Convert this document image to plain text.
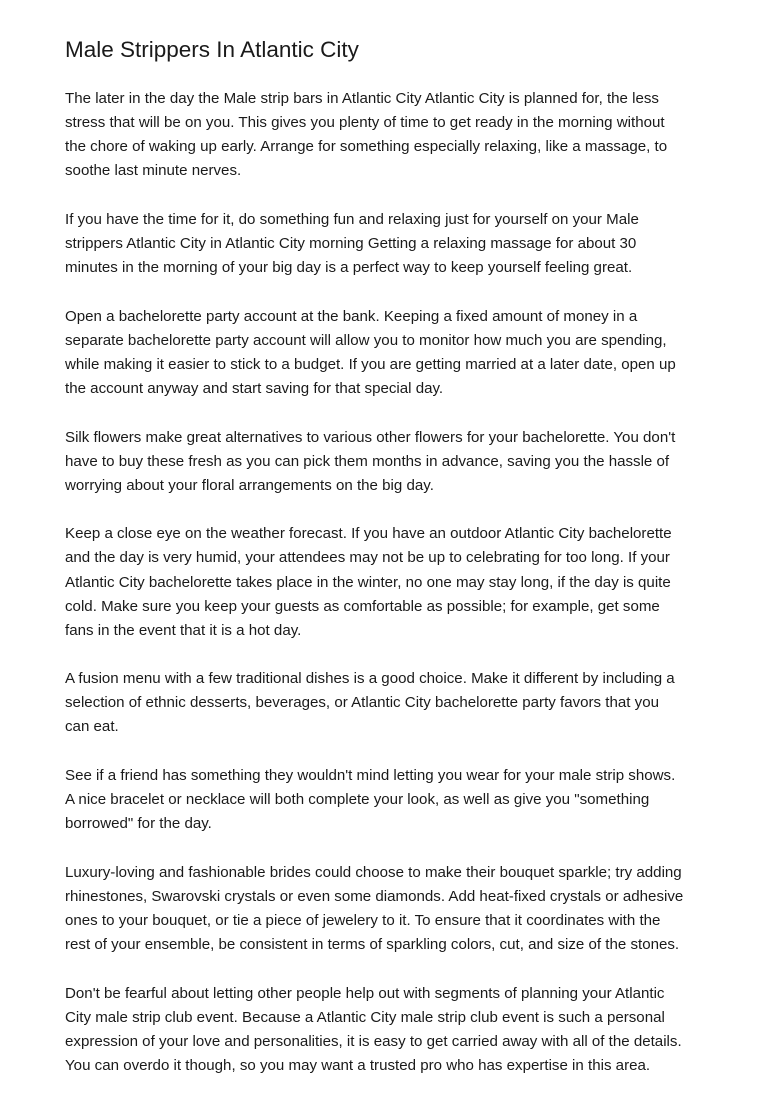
Male Strippers In Atlantic City

The later in the day the Male strip bars in Atlantic City Atlantic City is planned for, the less
stress that will be on you. This gives you plenty of time to get ready in the morning without
the chore of waking up early. Arrange for something especially relaxing, like a massage, to
soothe last minute nerves.

If you have the time for it, do something fun and relaxing just for yourself on your Male
strippers Atlantic City in Atlantic City morning Getting a relaxing massage for about 30
minutes in the morning of your big day is a perfect way to keep yourself feeling great.

Open a bachelorette party account at the bank. Keeping a fixed amount of money in a
separate bachelorette party account will allow you to monitor how much you are spending,
while making it easier to stick to a budget. If you are getting married at a later date, open up
the account anyway and start saving for that special day.

Silk flowers make great alternatives to various other flowers for your bachelorette. You don't
have to buy these fresh as you can pick them months in advance, saving you the hassle of
worrying about your floral arrangements on the big day.

Keep a close eye on the weather forecast. If you have an outdoor Atlantic City bachelorette
and the day is very humid, your attendees may not be up to celebrating for too long. If your
Atlantic City bachelorette takes place in the winter, no one may stay long, if the day is quite
cold. Make sure you keep your guests as comfortable as possible; for example, get some
fans in the event that it is a hot day.

A fusion menu with a few traditional dishes is a good choice. Make it different by including a
selection of ethnic desserts, beverages, or Atlantic City bachelorette party favors that you
can eat.

See if a friend has something they wouldn't mind letting you wear for your male strip shows.
A nice bracelet or necklace will both complete your look, as well as give you "something
borrowed" for the day.

Luxury-loving and fashionable brides could choose to make their bouquet sparkle; try adding
rhinestones, Swarovski crystals or even some diamonds. Add heat-fixed crystals or adhesive
ones to your bouquet, or tie a piece of jewelery to it. To ensure that it coordinates with the
rest of your ensemble, be consistent in terms of sparkling colors, cut, and size of the stones.

Don't be fearful about letting other people help out with segments of planning your Atlantic
City male strip club event. Because a Atlantic City male strip club event is such a personal
expression of your love and personalities, it is easy to get carried away with all of the details.
You can overdo it though, so you may want a trusted pro who has expertise in this area.
